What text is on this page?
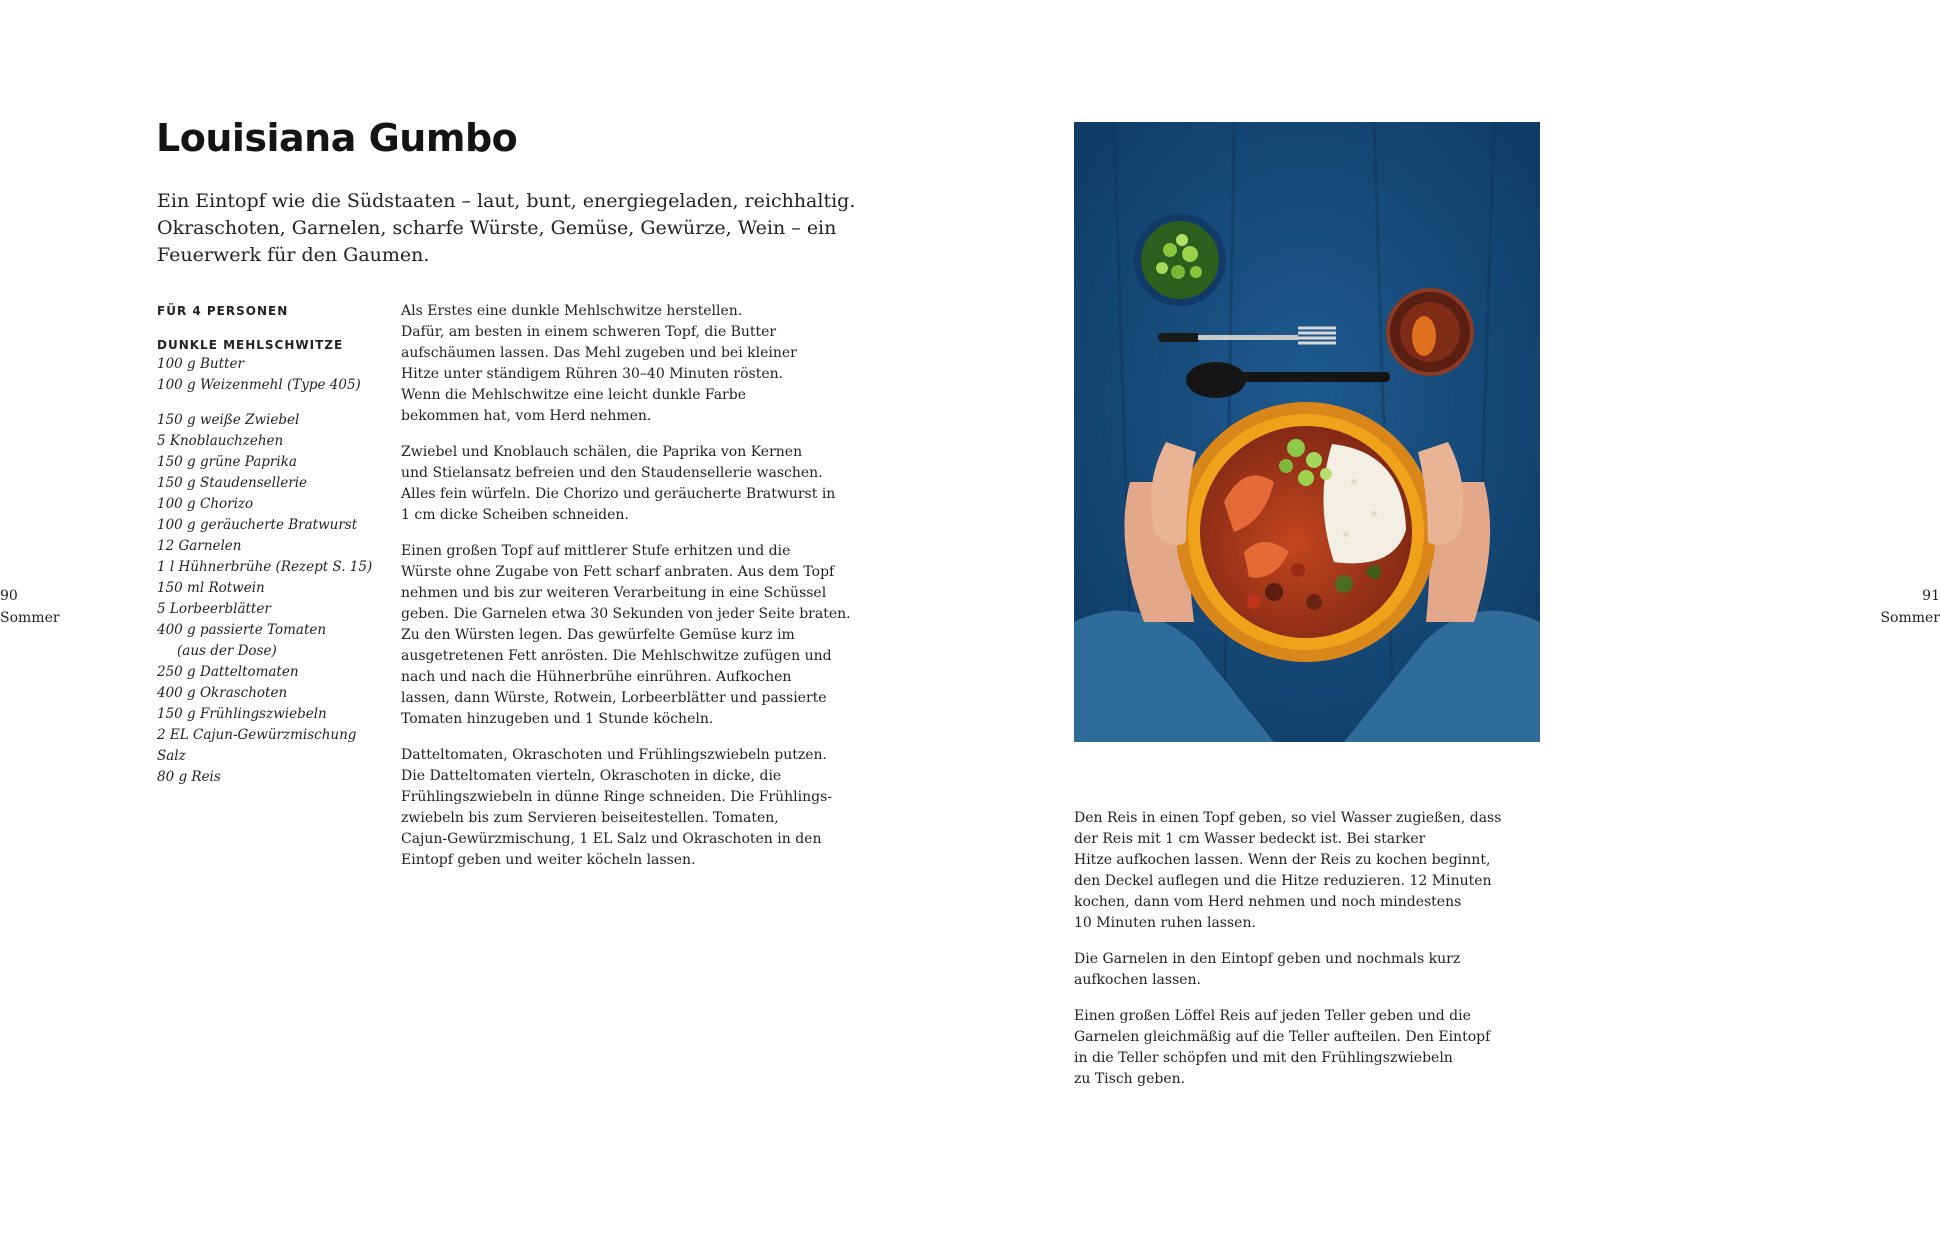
90
Sommer
Louisiana Gumbo
Ein Eintopf wie die Südstaaten – laut, bunt, energiegeladen, reichhaltig.
Okraschoten, Garnelen, scharfe Würste, Gemüse, Gewürze, Wein – ein
Feuerwerk für den Gaumen.
FÜR 4 PERSONEN
DUNKLE MEHLSCHWITZE
100 g Butter
100 g Weizenmehl (Type 405)
150 g weiße Zwiebel
5 Knoblauchzehen
150 g grüne Paprika
150 g Staudensellerie
100 g Chorizo
100 g geräucherte Bratwurst
12 Garnelen
1 l Hühnerbrühe (Rezept S. 15)
150 ml Rotwein
5 Lorbeerblätter
400 g passierte Tomaten
(aus der Dose)
250 g Datteltomaten
400 g Okraschoten
150 g Frühlingszwiebeln
2 EL Cajun-Gewürzmischung
Salz
80 g Reis
Als Erstes eine dunkle Mehlschwitze herstellen.
Dafür, am besten in einem schweren Topf, die Butter
aufschäumen lassen. Das Mehl zugeben und bei kleiner
Hitze unter ständigem Rühren 30–40 Minuten rösten.
Wenn die Mehlschwitze eine leicht dunkle Farbe
bekommen hat, vom Herd nehmen.
Zwiebel und Knoblauch schälen, die Paprika von Kernen
und Stielansatz befreien und den Staudensellerie waschen.
Alles fein würfeln. Die Chorizo und geräucherte Bratwurst in
1 cm dicke Scheiben schneiden.
Einen großen Topf auf mittlerer Stufe erhitzen und die
Würste ohne Zugabe von Fett scharf anbraten. Aus dem Topf
nehmen und bis zur weiteren Verarbeitung in eine Schüssel
geben. Die Garnelen etwa 30 Sekunden von jeder Seite braten.
Zu den Würsten legen. Das gewürfelte Gemüse kurz im
ausgetretenen Fett anrösten. Die Mehlschwitze zufügen und
nach und nach die Hühnerbrühe einrühren. Aufkochen
lassen, dann Würste, Rotwein, Lorbeerblätter und passierte
Tomaten hinzugeben und 1 Stunde köcheln.
Datteltomaten, Okraschoten und Frühlingszwiebeln putzen.
Die Datteltomaten vierteln, Okraschoten in dicke, die
Frühlingszwiebeln in dünne Ringe schneiden. Die Frühlings-
zwiebeln bis zum Servieren beiseitestellen. Tomaten,
Cajun-Gewürzmischung, 1 EL Salz und Okraschoten in den
Eintopf geben und weiter köcheln lassen.
Den Reis in einen Topf geben, so viel Wasser zugießen, dass
der Reis mit 1 cm Wasser bedeckt ist. Bei starker
Hitze aufkochen lassen. Wenn der Reis zu kochen beginnt,
den Deckel auflegen und die Hitze reduzieren. 12 Minuten
kochen, dann vom Herd nehmen und noch mindestens
10 Minuten ruhen lassen.
Die Garnelen in den Eintopf geben und nochmals kurz
aufkochen lassen.
Einen großen Löffel Reis auf jeden Teller geben und die
Garnelen gleichmäßig auf die Teller aufteilen. Den Eintopf
in die Teller schöpfen und mit den Frühlingszwiebeln
zu Tisch geben.
91
Sommer
